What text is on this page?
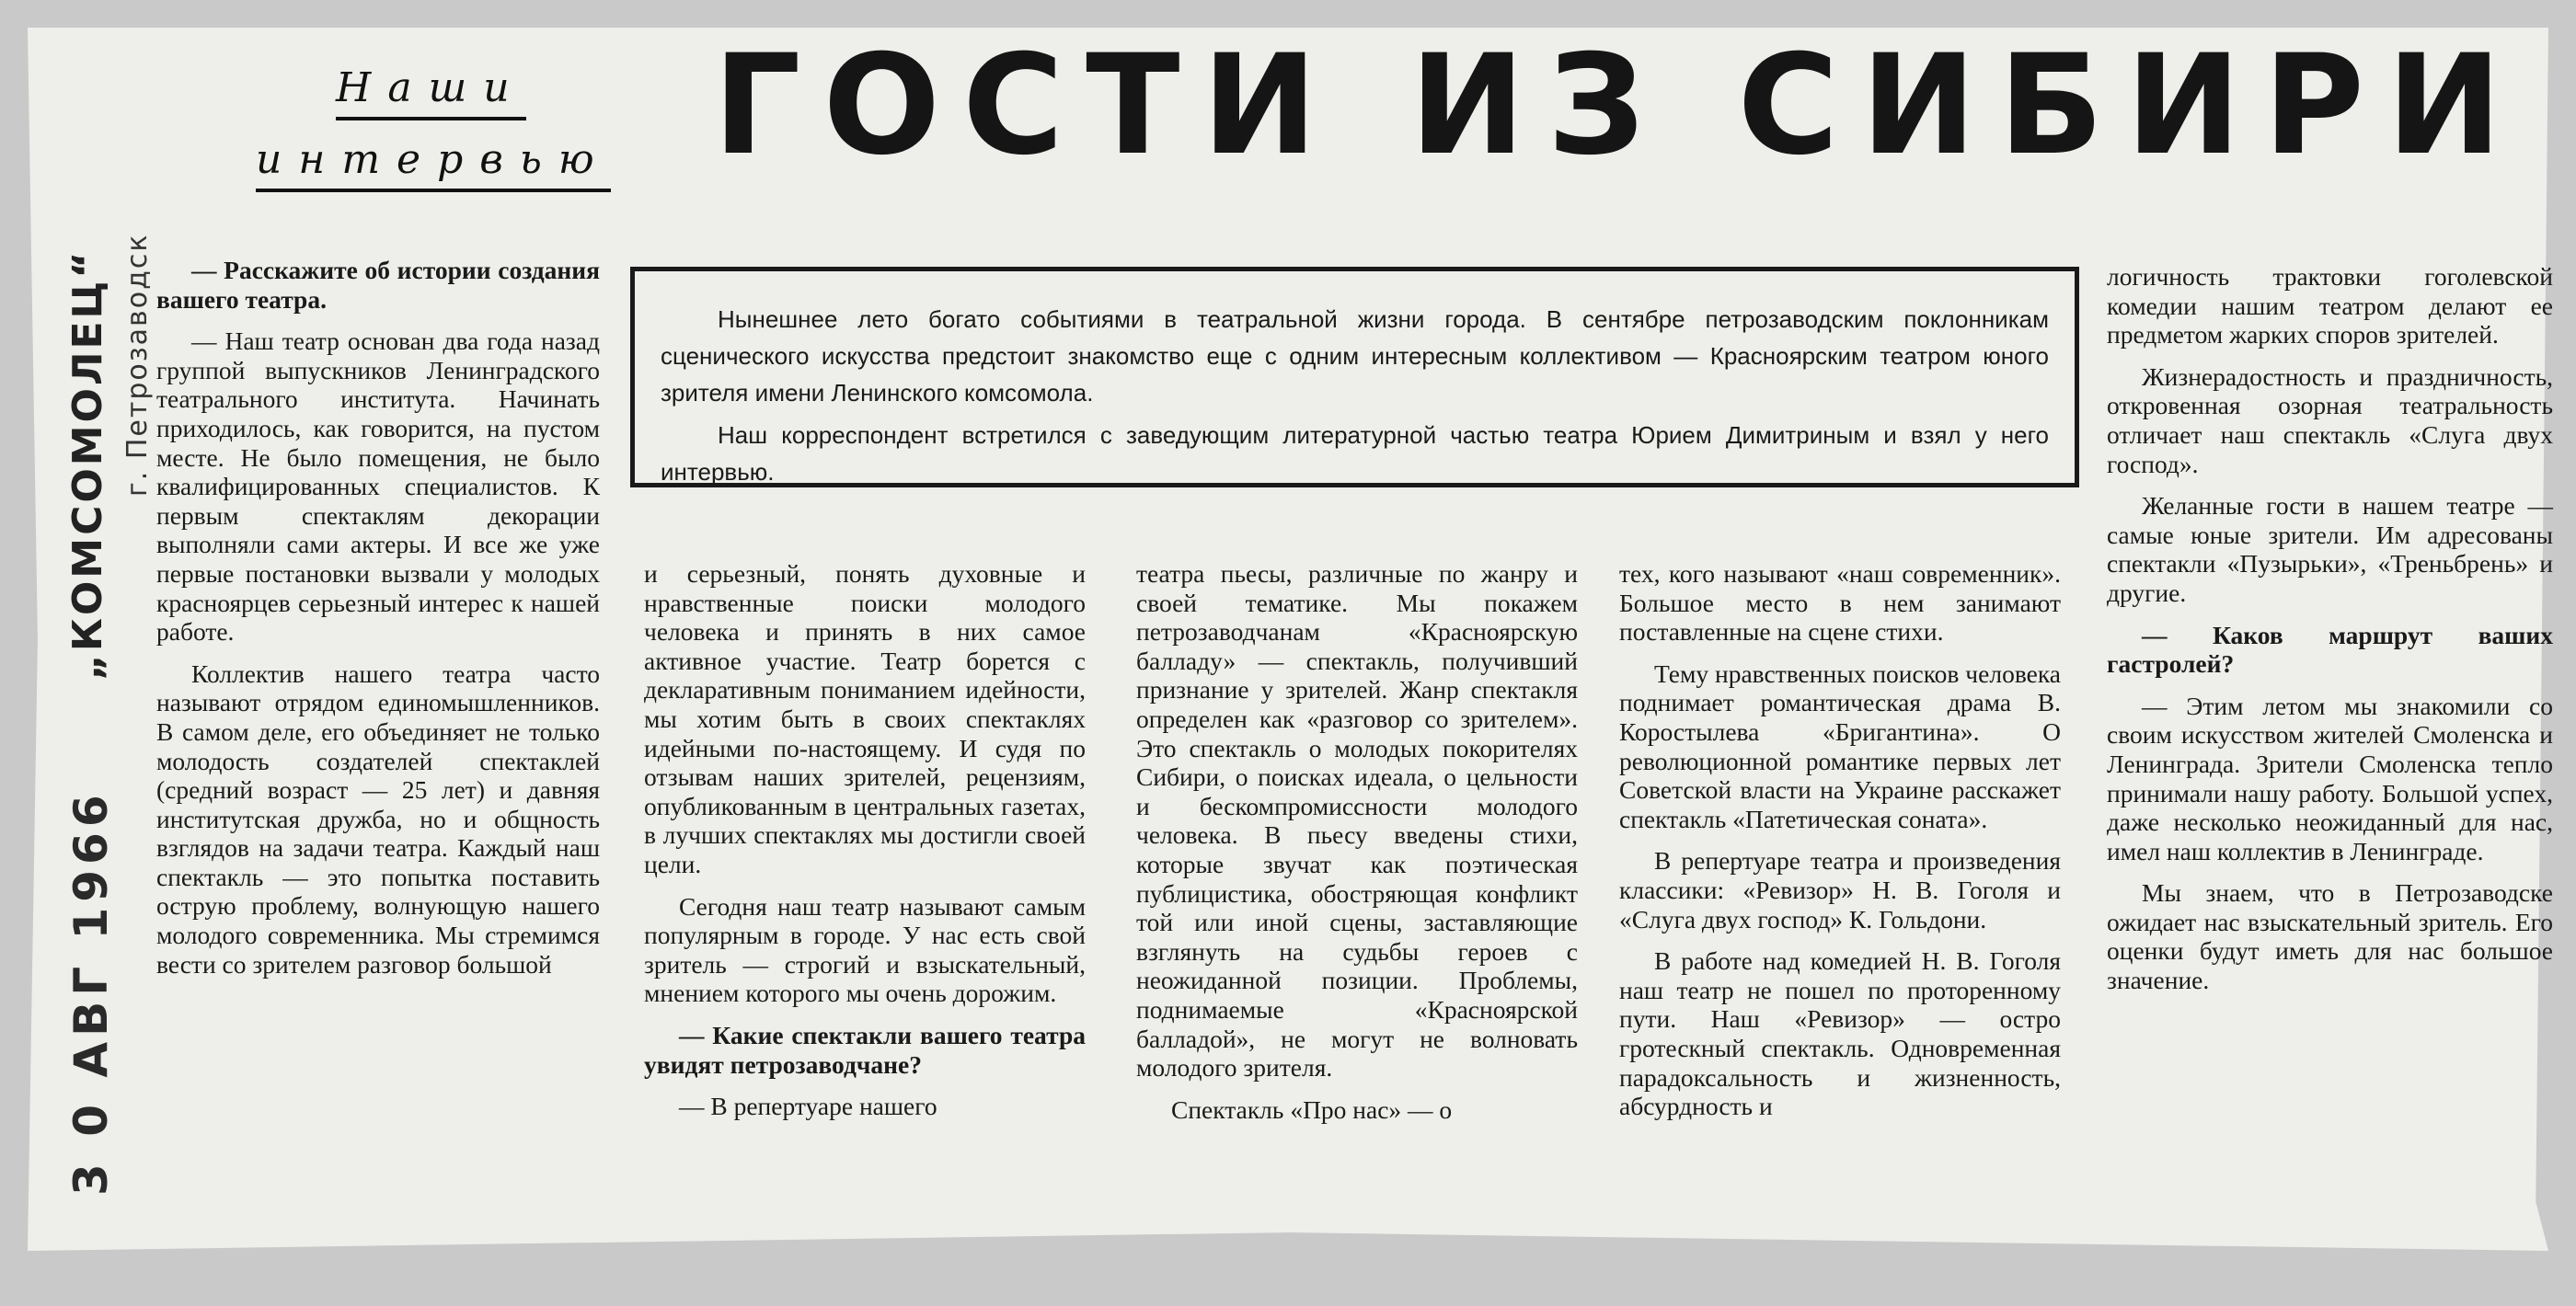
„КОМСОМОЛЕЦ“ г. Петрозаводск
3 0 АВГ 1966
Наши
интервью ГОСТИ ИЗ СИБИРИ

Нынешнее лето богато событиями в театральной жизни города. В сентябре петрозаводским поклонникам сценического искусства предстоит знакомство еще с одним интересным коллективом — Красноярским театром юного зрителя имени Ленинского комсомола.

Наш корреспондент встретился с заведующим литературной частью театра Юрием Димитриным и взял у него интервью.

— Расскажите об истории создания вашего театра.

— Наш театр основан два года назад группой выпускников Ленинградского театрального института. Начинать приходилось, как говорится, на пустом месте. Не было помещения, не было квалифицированных специалистов. К первым спектаклям декорации выполняли сами актеры. И все же уже первые постановки вызвали у молодых красноярцев серьезный интерес к нашей работе.

Коллектив нашего театра часто называют отрядом единомышленников. В самом деле, его объединяет не только молодость создателей спектаклей (средний возраст — 25 лет) и давняя институтская дружба, но и общность взглядов на задачи театра. Каждый наш спектакль — это попытка поставить острую проблему, волнующую нашего молодого современника. Мы стремимся вести со зрителем разговор большой

и серьезный, понять духовные и нравственные поиски молодого человека и принять в них самое активное участие. Театр борется с декларативным пониманием идейности, мы хотим быть в своих спектаклях идейными по-настоящему. И судя по отзывам наших зрителей, рецензиям, опубликованным в центральных газетах, в лучших спектаклях мы достигли своей цели.

Сегодня наш театр называют самым популярным в городе. У нас есть свой зритель — строгий и взыскательный, мнением которого мы очень дорожим.

— Какие спектакли вашего театра увидят петрозаводчане?

— В репертуаре нашего

театра пьесы, различные по жанру и своей тематике. Мы покажем петрозаводчанам «Красноярскую балладу» — спектакль, получивший признание у зрителей. Жанр спектакля определен как «разговор со зрителем». Это спектакль о молодых покорителях Сибири, о поисках идеала, о цельности и бескомпромиссности молодого человека. В пьесу введены стихи, которые звучат как поэтическая публицистика, обостряющая конфликт той или иной сцены, заставляющие взглянуть на судьбы героев с неожиданной позиции. Проблемы, поднимаемые «Красноярской балладой», не могут не волновать молодого зрителя.

Спектакль «Про нас» — о

тех, кого называют «наш современник». Большое место в нем занимают поставленные на сцене стихи.

Тему нравственных поисков человека поднимает романтическая драма В. Коростылева «Бригантина». О революционной романтике первых лет Советской власти на Украине расскажет спектакль «Патетическая соната».

В репертуаре театра и произведения классики: «Ревизор» Н. В. Гоголя и «Слуга двух господ» К. Гольдони.

В работе над комедией Н. В. Гоголя наш театр не пошел по проторенному пути. Наш «Ревизор» — остро гротескный спектакль. Одновременная парадоксальность и жизненность, абсурдность и

логичность трактовки гоголевской комедии нашим театром делают ее предметом жарких споров зрителей.

Жизнерадостность и праздничность, откровенная озорная театральность отличает наш спектакль «Слуга двух господ».

Желанные гости в нашем театре — самые юные зрители. Им адресованы спектакли «Пузырьки», «Треньбрень» и другие.

— Каков маршрут ваших гастролей?

— Этим летом мы знакомили со своим искусством жителей Смоленска и Ленинграда. Зрители Смоленска тепло принимали нашу работу. Большой успех, даже несколько неожиданный для нас, имел наш коллектив в Ленинграде.

Мы знаем, что в Петрозаводске ожидает нас взыскательный зритель. Его оценки будут иметь для нас большое значение.
